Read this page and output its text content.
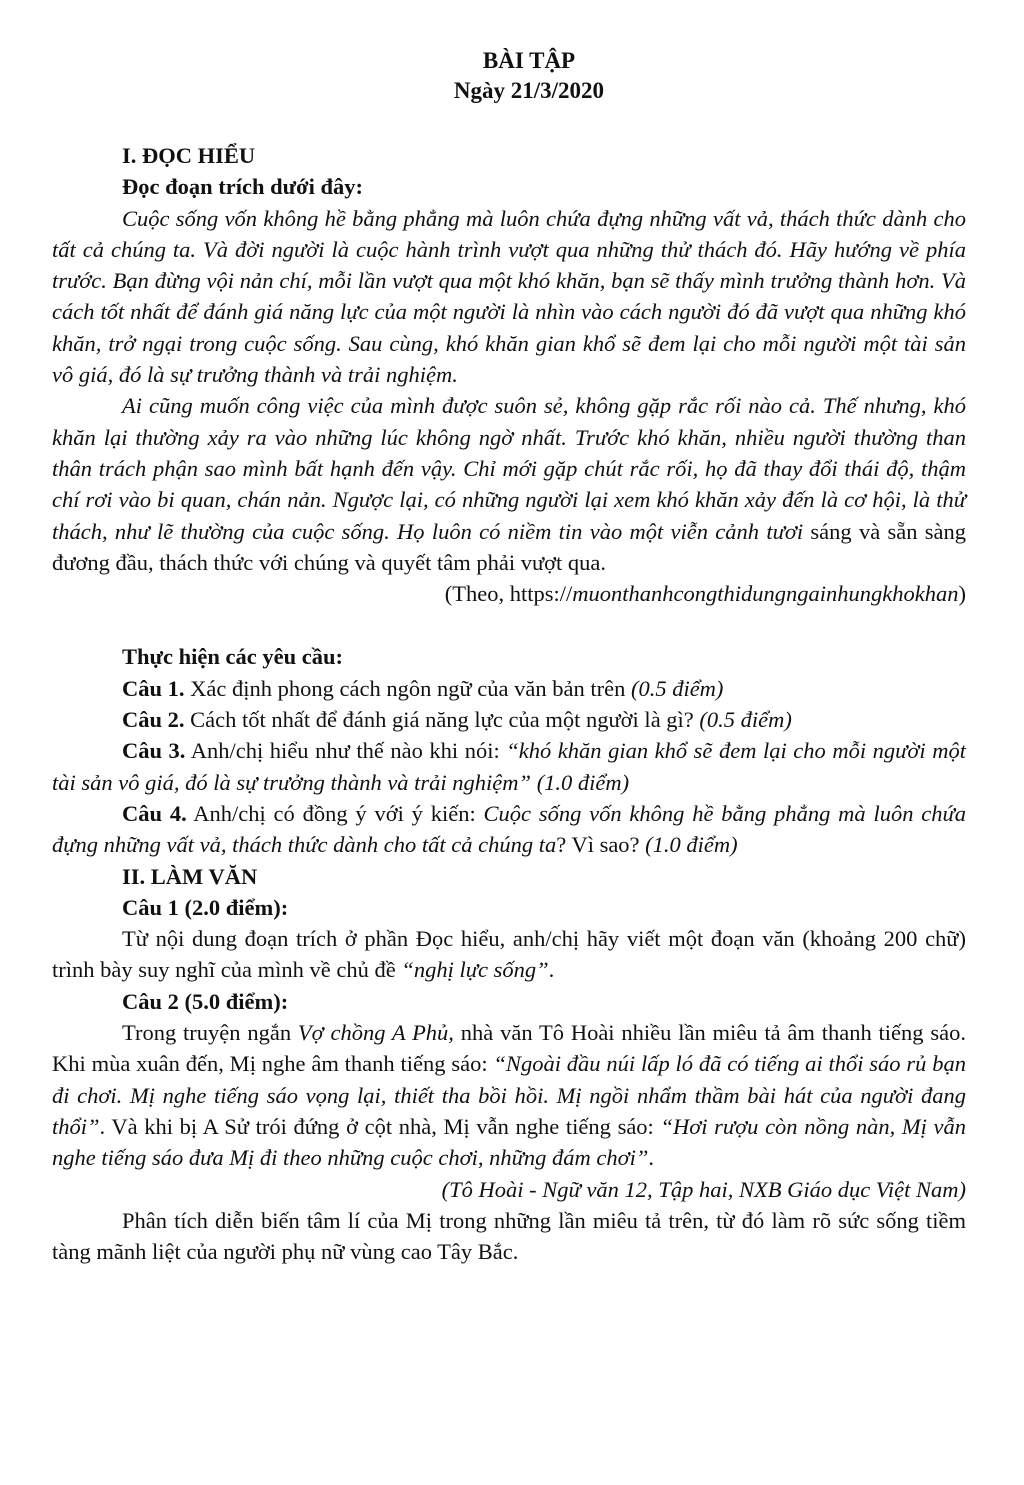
BÀI TẬP
Ngày 21/3/2020
I. ĐỌC HIỂU
Đọc đoạn trích dưới đây:

Cuộc sống vốn không hề bằng phẳng mà luôn chứa đựng những vất vả, thách thức dành cho tất cả chúng ta. Và đời người là cuộc hành trình vượt qua những thử thách đó. Hãy hướng về phía trước. Bạn đừng vội nản chí, mỗi lần vượt qua một khó khăn, bạn sẽ thấy mình trưởng thành hơn. Và cách tốt nhất để đánh giá năng lực của một người là nhìn vào cách người đó đã vượt qua những khó khăn, trở ngại trong cuộc sống. Sau cùng, khó khăn gian khổ sẽ đem lại cho mỗi người một tài sản vô giá, đó là sự trưởng thành và trải nghiệm.

Ai cũng muốn công việc của mình được suôn sẻ, không gặp rắc rối nào cả. Thế nhưng, khó khăn lại thường xảy ra vào những lúc không ngờ nhất. Trước khó khăn, nhiều người thường than thân trách phận sao mình bất hạnh đến vậy. Chỉ mới gặp chút rắc rối, họ đã thay đổi thái độ, thậm chí rơi vào bi quan, chán nản. Ngược lại, có những người lại xem khó khăn xảy đến là cơ hội, là thử thách, như lẽ thường của cuộc sống. Họ luôn có niềm tin vào một viễn cảnh tươi sáng và sẵn sàng đương đầu, thách thức với chúng và quyết tâm phải vượt qua.

(Theo, https://muonthanhcongthidungngainhungkhokhan)

Thực hiện các yêu cầu:

Câu 1. Xác định phong cách ngôn ngữ của văn bản trên (0.5 điểm)

Câu 2. Cách tốt nhất để đánh giá năng lực của một người là gì? (0.5 điểm)

Câu 3. Anh/chị hiểu như thế nào khi nói: “khó khăn gian khổ sẽ đem lại cho mỗi người một tài sản vô giá, đó là sự trưởng thành và trải nghiệm” (1.0 điểm)

Câu 4. Anh/chị có đồng ý với ý kiến: Cuộc sống vốn không hề bằng phẳng mà luôn chứa đựng những vất vả, thách thức dành cho tất cả chúng ta? Vì sao? (1.0 điểm)

II. LÀM VĂN
Câu 1 (2.0 điểm):

Từ nội dung đoạn trích ở phần Đọc hiểu, anh/chị hãy viết một đoạn văn (khoảng 200 chữ) trình bày suy nghĩ của mình về chủ đề “nghị lực sống”.

Câu 2 (5.0 điểm):

Trong truyện ngắn Vợ chồng A Phủ, nhà văn Tô Hoài nhiều lần miêu tả âm thanh tiếng sáo. Khi mùa xuân đến, Mị nghe âm thanh tiếng sáo: “Ngoài đầu núi lấp ló đã có tiếng ai thổi sáo rủ bạn đi chơi. Mị nghe tiếng sáo vọng lại, thiết tha bồi hồi. Mị ngồi nhẩm thầm bài hát của người đang thổi”. Và khi bị A Sử trói đứng ở cột nhà, Mị vẫn nghe tiếng sáo: “Hơi rượu còn nồng nàn, Mị vẫn nghe tiếng sáo đưa Mị đi theo những cuộc chơi, những đám chơi”.

(Tô Hoài - Ngữ văn 12, Tập hai, NXB Giáo dục Việt Nam)

Phân tích diễn biến tâm lí của Mị trong những lần miêu tả trên, từ đó làm rõ sức sống tiềm tàng mãnh liệt của người phụ nữ vùng cao Tây Bắc.
